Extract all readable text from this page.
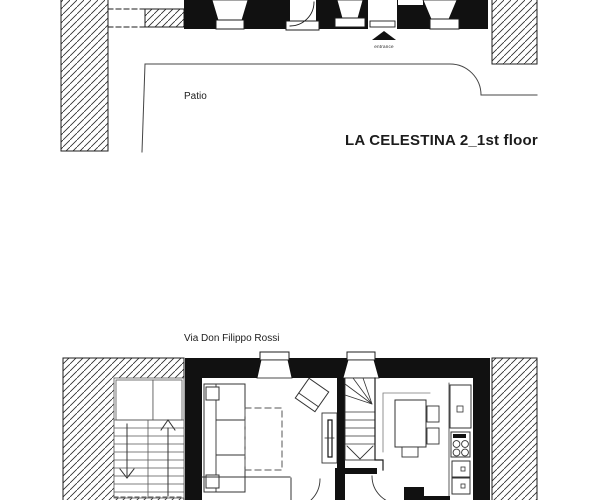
entrance
Patio
LA CELESTINA 2_1st floor
Via Don Filippo Rossi
